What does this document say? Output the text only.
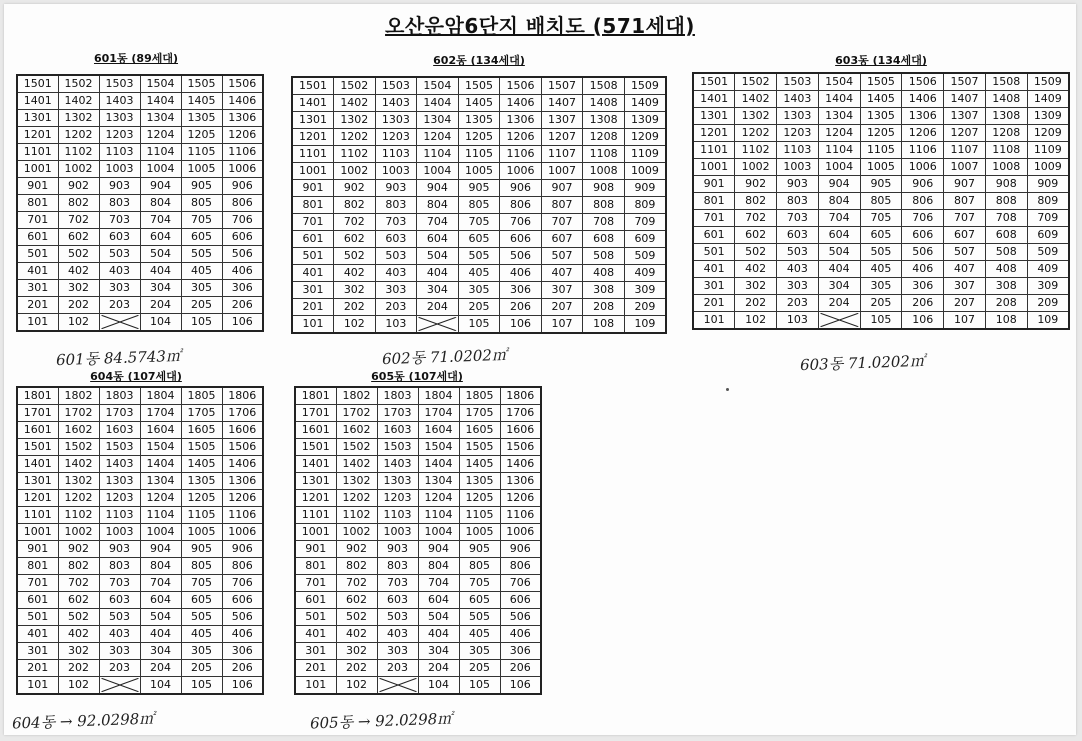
오산운암6단지 배치도 (571세대)
601동 (89세대)
1501	1502	1503	1504	1505	1506
1401	1402	1403	1404	1405	1406
1301	1302	1303	1304	1305	1306
1201	1202	1203	1204	1205	1206
1101	1102	1103	1104	1105	1106
1001	1002	1003	1004	1005	1006
901	902	903	904	905	906
801	802	803	804	805	806
701	702	703	704	705	706
601	602	603	604	605	606
501	502	503	504	505	506
401	402	403	404	405	406
301	302	303	304	305	306
201	202	203	204	205	206
101	102		104	105	106
601동 84.5743㎡
602동 (134세대)
1501	1502	1503	1504	1505	1506	1507	1508	1509
1401	1402	1403	1404	1405	1406	1407	1408	1409
1301	1302	1303	1304	1305	1306	1307	1308	1309
1201	1202	1203	1204	1205	1206	1207	1208	1209
1101	1102	1103	1104	1105	1106	1107	1108	1109
1001	1002	1003	1004	1005	1006	1007	1008	1009
901	902	903	904	905	906	907	908	909
801	802	803	804	805	806	807	808	809
701	702	703	704	705	706	707	708	709
601	602	603	604	605	606	607	608	609
501	502	503	504	505	506	507	508	509
401	402	403	404	405	406	407	408	409
301	302	303	304	305	306	307	308	309
201	202	203	204	205	206	207	208	209
101	102	103		105	106	107	108	109
602동 71.0202㎡
603동 (134세대)
1501	1502	1503	1504	1505	1506	1507	1508	1509
1401	1402	1403	1404	1405	1406	1407	1408	1409
1301	1302	1303	1304	1305	1306	1307	1308	1309
1201	1202	1203	1204	1205	1206	1207	1208	1209
1101	1102	1103	1104	1105	1106	1107	1108	1109
1001	1002	1003	1004	1005	1006	1007	1008	1009
901	902	903	904	905	906	907	908	909
801	802	803	804	805	806	807	808	809
701	702	703	704	705	706	707	708	709
601	602	603	604	605	606	607	608	609
501	502	503	504	505	506	507	508	509
401	402	403	404	405	406	407	408	409
301	302	303	304	305	306	307	308	309
201	202	203	204	205	206	207	208	209
101	102	103		105	106	107	108	109
603동 71.0202㎡
604동 (107세대)
1801	1802	1803	1804	1805	1806
1701	1702	1703	1704	1705	1706
1601	1602	1603	1604	1605	1606
1501	1502	1503	1504	1505	1506
1401	1402	1403	1404	1405	1406
1301	1302	1303	1304	1305	1306
1201	1202	1203	1204	1205	1206
1101	1102	1103	1104	1105	1106
1001	1002	1003	1004	1005	1006
901	902	903	904	905	906
801	802	803	804	805	806
701	702	703	704	705	706
601	602	603	604	605	606
501	502	503	504	505	506
401	402	403	404	405	406
301	302	303	304	305	306
201	202	203	204	205	206
101	102		104	105	106
604동 → 92.0298㎡
605동 (107세대)
1801	1802	1803	1804	1805	1806
1701	1702	1703	1704	1705	1706
1601	1602	1603	1604	1605	1606
1501	1502	1503	1504	1505	1506
1401	1402	1403	1404	1405	1406
1301	1302	1303	1304	1305	1306
1201	1202	1203	1204	1205	1206
1101	1102	1103	1104	1105	1106
1001	1002	1003	1004	1005	1006
901	902	903	904	905	906
801	802	803	804	805	806
701	702	703	704	705	706
601	602	603	604	605	606
501	502	503	504	505	506
401	402	403	404	405	406
301	302	303	304	305	306
201	202	203	204	205	206
101	102		104	105	106
605동 → 92.0298㎡
